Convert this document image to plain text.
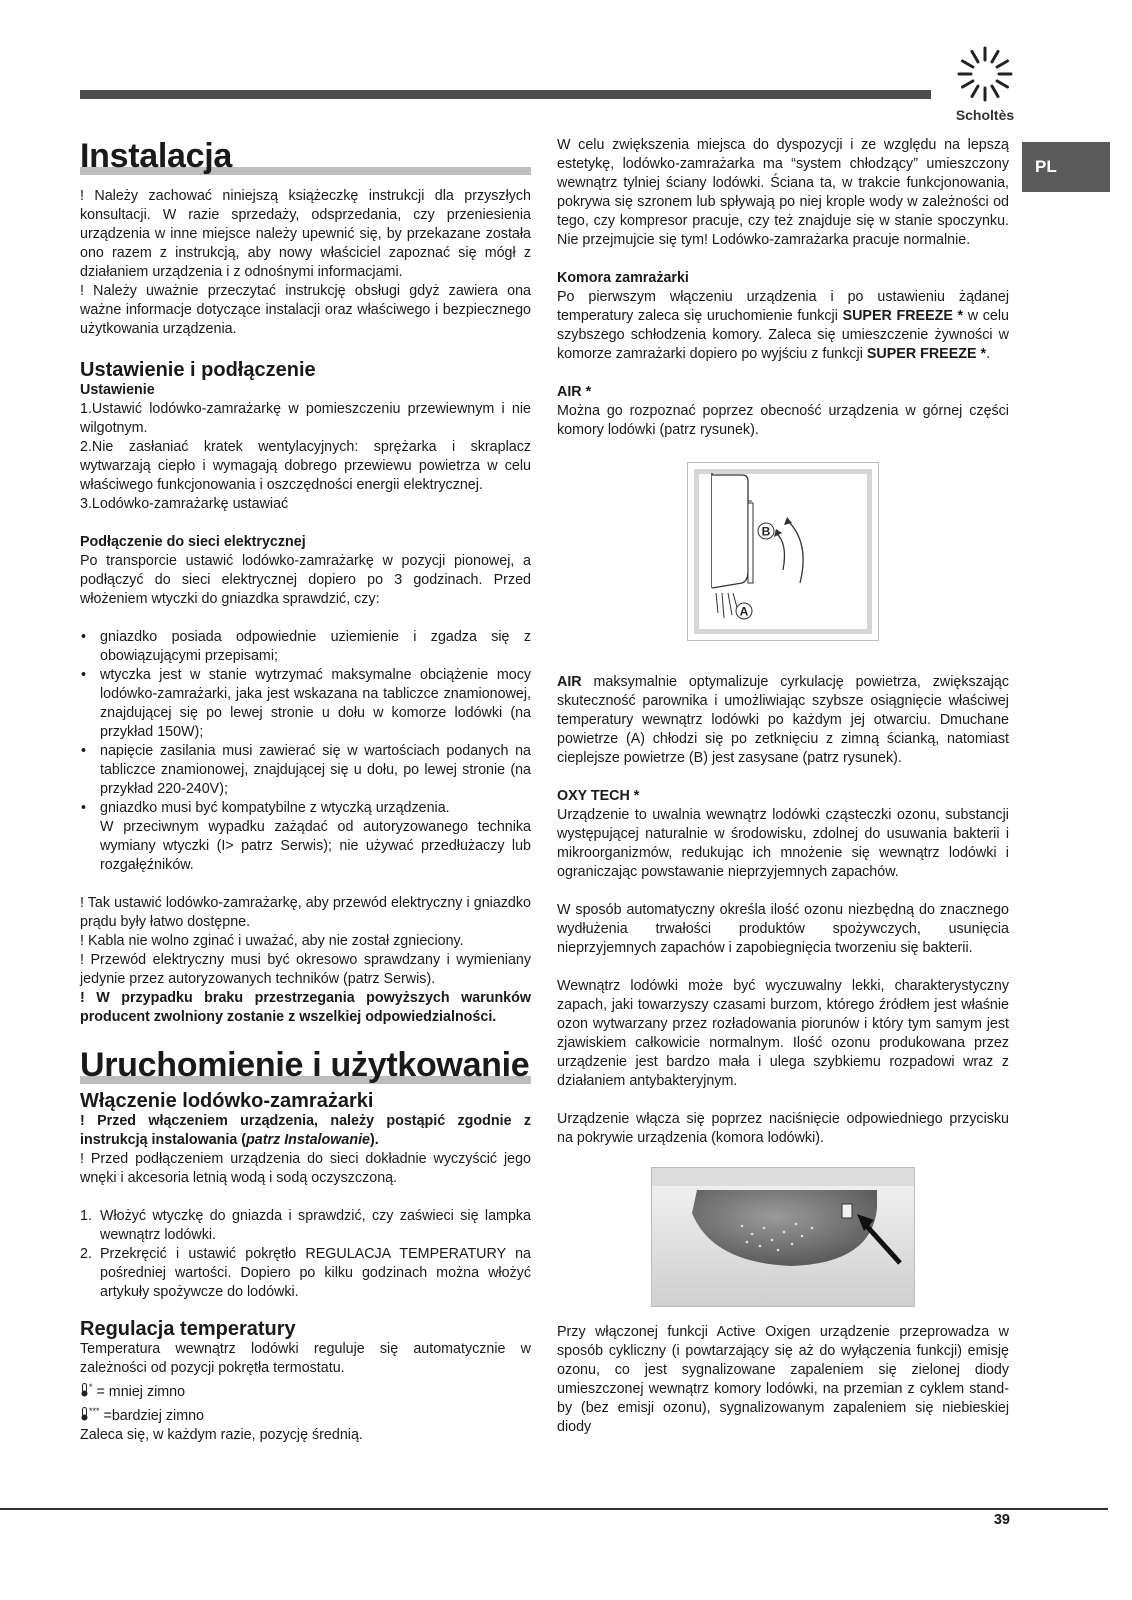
Scholtès
PL
Instalacja

! Należy zachować niniejszą książeczkę instrukcji dla przyszłych konsultacji. W razie sprzedaży, odsprzedania, czy przeniesienia urządzenia w inne miejsce należy upewnić się, by przekazane została ono razem z instrukcją, aby nowy właściciel zapoznać się mógł z działaniem urządzenia i z odnośnymi informacjami.

! Należy uważnie przeczytać instrukcję obsługi gdyż zawiera ona ważne informacje dotyczące instalacji oraz właściwego i bezpiecznego użytkowania urządzenia.

Ustawienie i podłączenie
Ustawienie

1.Ustawić lodówko-zamrażarkę w pomieszczeniu przewiewnym i nie wilgotnym.

2.Nie zasłaniać kratek wentylacyjnych: sprężarka i skraplacz wytwarzają ciepło i wymagają dobrego przewiewu powietrza w celu właściwego funkcjonowania i oszczędności energii elektrycznej.

3.Lodówko-zamrażarkę ustawiać

Podłączenie do sieci elektrycznej

Po transporcie ustawić lodówko-zamrażarkę w pozycji pionowej, a podłączyć do sieci elektrycznej dopiero po 3 godzinach. Przed włożeniem wtyczki do gniazdka sprawdzić, czy:

• gniazdko posiada odpowiednie uziemienie i zgadza się z obowiązującymi przepisami;
• wtyczka jest w stanie wytrzymać maksymalne obciążenie mocy lodówko-zamrażarki, jaka jest wskazana na tabliczce znamionowej, znajdującej się po lewej stronie u dołu w komorze lodówki (na przykład 150W);
• napięcie zasilania musi zawierać się w wartościach podanych na tabliczce znamionowej, znajdującej się u dołu, po lewej stronie (na przykład 220-240V);
• gniazdko musi być kompatybilne z wtyczką urządzenia.

W przeciwnym wypadku zażądać od autoryzowanego technika wymiany wtyczki (I> patrz Serwis); nie używać przedłużaczy lub rozgałęźników.

! Tak ustawić lodówko-zamrażarkę, aby przewód elektryczny i gniazdko prądu były łatwo dostępne.

! Kabla nie wolno zginać i uważać, aby nie został zgnieciony.

! Przewód elektryczny musi być okresowo sprawdzany i wymieniany jedynie przez autoryzowanych techników (patrz Serwis).

! W przypadku braku przestrzegania powyższych warunków producent zwolniony zostanie z wszelkiej odpowiedzialności.

Uruchomienie i użytkowanie
Włączenie lodówko-zamrażarki

! Przed włączeniem urządzenia, należy postąpić zgodnie z instrukcją instalowania (patrz Instalowanie).

! Przed podłączeniem urządzenia do sieci dokładnie wyczyścić jego wnęki i akcesoria letnią wodą i sodą oczyszczoną.

1. Włożyć wtyczkę do gniazda i sprawdzić, czy zaświeci się lampka wewnątrz lodówki.
2. Przekręcić i ustawić pokrętło REGULACJA TEMPERATURY na pośredniej wartości. Dopiero po kilku godzinach można włożyć artykuły spożywcze do lodówki.
Regulacja temperatury

Temperatura wewnątrz lodówki reguluje się automatycznie w zależności od pozycji pokrętła termostatu.

* = mniej zimno
*** =bardziej zimno

Zaleca się, w każdym razie, pozycję średnią.

W celu zwiększenia miejsca do dyspozycji i ze względu na lepszą estetykę, lodówko-zamrażarka ma “system chłodzący” umieszczony wewnątrz tylniej ściany lodówki. Ściana ta, w trakcie funkcjonowania, pokrywa się szronem lub spływają po niej krople wody w zależności od tego, czy kompresor pracuje, czy też znajduje się w stanie spoczynku. Nie przejmujcie się tym! Lodówko-zamrażarka pracuje normalnie.

Komora zamrażarki

Po pierwszym włączeniu urządzenia i po ustawieniu żądanej temperatury zaleca się uruchomienie funkcji SUPER FREEZE * w celu szybszego schłodzenia komory. Zaleca się umieszczenie żywności w komorze zamrażarki dopiero po wyjściu z funkcji SUPER FREEZE *.

AIR *

Można go rozpoznać poprzez obecność urządzenia w górnej części komory lodówki (patrz rysunek).

B
A

AIR maksymalnie optymalizuje cyrkulację powietrza, zwiększając skuteczność parownika i umożliwiając szybsze osiągnięcie właściwej temperatury wewnątrz lodówki po każdym jej otwarciu. Dmuchane powietrze (A) chłodzi się po zetknięciu z zimną ścianką, natomiast cieplejsze powietrze (B) jest zasysane (patrz rysunek).

OXY TECH *

Urządzenie to uwalnia wewnątrz lodówki cząsteczki ozonu, substancji występującej naturalnie w środowisku, zdolnej do usuwania bakterii i mikroorganizmów, redukując ich mnożenie się wewnątrz lodówki i ograniczając powstawanie nieprzyjemnych zapachów.

W sposób automatyczny określa ilość ozonu niezbędną do znacznego wydłużenia trwałości produktów spożywczych, usunięcia nieprzyjemnych zapachów i zapobiegnięcia tworzeniu się bakterii.

Wewnątrz lodówki może być wyczuwalny lekki, charakterystyczny zapach, jaki towarzyszy czasami burzom, którego źródłem jest właśnie ozon wytwarzany przez rozładowania piorunów i który tym samym jest zjawiskiem całkowicie normalnym. Ilość ozonu produkowana przez urządzenie jest bardzo mała i ulega szybkiemu rozpadowi wraz z działaniem antybakteryjnym.

Urządzenie włącza się poprzez naciśnięcie odpowiedniego przycisku na pokrywie urządzenia (komora lodówki).

Przy włączonej funkcji Active Oxigen urządzenie przeprowadza w sposób cykliczny (i powtarzający się aż do wyłączenia funkcji) emisję ozonu, co jest sygnalizowane zapaleniem się zielonej diody umieszczonej wewnątrz komory lodówki, na przemian z cyklem stand-by (bez emisji ozonu), sygnalizowanym zapaleniem się niebieskiej diody

39
